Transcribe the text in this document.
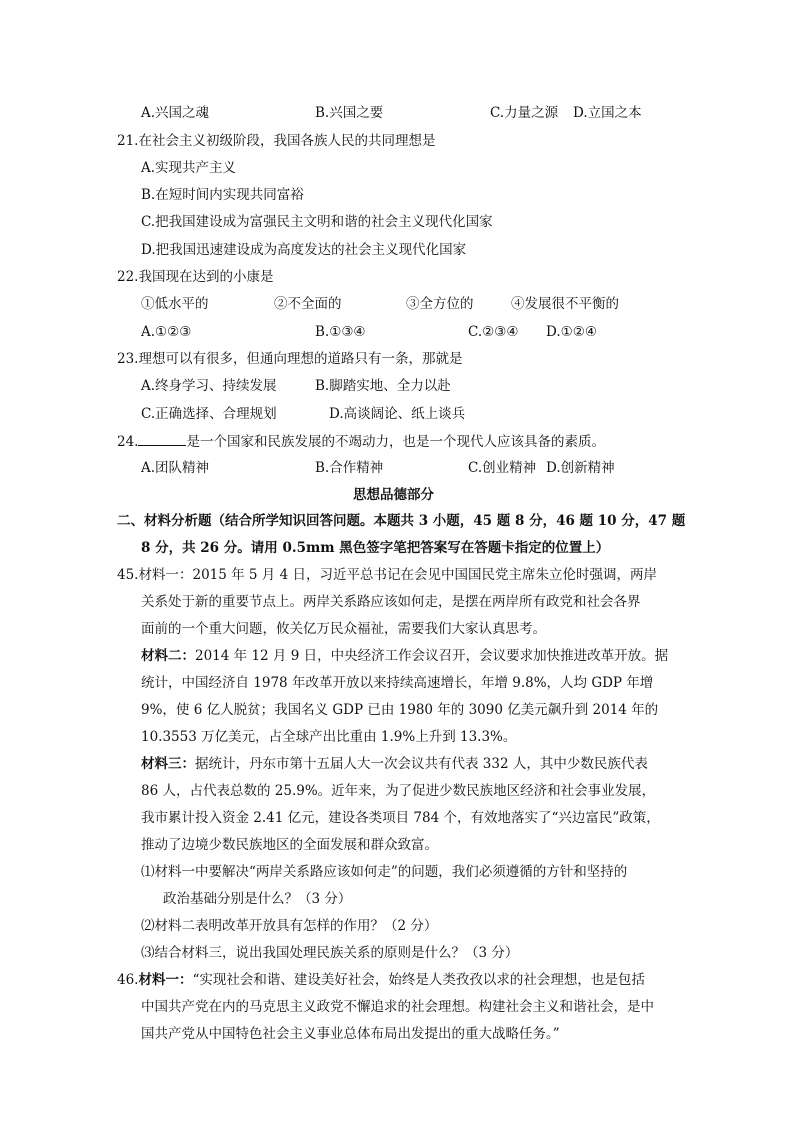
A.兴国之魂	B.兴国之要	C.力量之源 D.立国之本
21.在社会主义初级阶段，我国各族人民的共同理想是
A.实现共产主义
B.在短时间内实现共同富裕
C.把我国建设成为富强民主文明和谐的社会主义现代化国家
D.把我国迅速建设成为高度发达的社会主义现代化国家
22.我国现在达到的小康是
①低水平的	②不全面的	③全方位的	④发展很不平衡的
A.①②③	B.①③④	C.②③④ D.①②④
23.理想可以有很多，但通向理想的道路只有一条，那就是
A.终身学习、持续发展	B.脚踏实地、全力以赴
C.正确选择、合理规划	D.高谈阔论、纸上谈兵
24.	是一个国家和民族发展的不竭动力，也是一个现代人应该具备的素质。
A.团队精神	B.合作精神	C.创业精神 D.创新精神
思想品德部分
二、材料分析题（结合所学知识回答问题。本题共 3 小题，45 题 8 分，46 题 10 分，47 题
8 分，共 26 分。请用 0.5mm 黑色签字笔把答案写在答题卡指定的位置上）
45.材料一：2015 年 5 月 4 日，习近平总书记在会见中国国民党主席朱立伦时强调，两岸
关系处于新的重要节点上。两岸关系路应该如何走，是摆在两岸所有政党和社会各界
面前的一个重大问题，攸关亿万民众福祉，需要我们大家认真思考。
材料二：2014 年 12 月 9 日，中央经济工作会议召开，会议要求加快推进改革开放。据
统计，中国经济自 1978 年改革开放以来持续高速增长，年增 9.8%，人均 GDP 年增
9%，使 6 亿人脱贫；我国名义 GDP 已由 1980 年的 3090 亿美元飙升到 2014 年的
10.3553 万亿美元，占全球产出比重由 1.9%上升到 13.3%。
材料三：据统计，丹东市第十五届人大一次会议共有代表 332 人，其中少数民族代表
86 人，占代表总数的 25.9%。近年来，为了促进少数民族地区经济和社会事业发展，
我市累计投入资金 2.41 亿元，建设各类项目 784 个，有效地落实了“兴边富民”政策，
推动了边境少数民族地区的全面发展和群众致富。
⑴材料一中要解决“两岸关系路应该如何走”的问题，我们必须遵循的方针和坚持的
政治基础分别是什么？（3 分）
⑵材料二表明改革开放具有怎样的作用？（2 分）
⑶结合材料三，说出我国处理民族关系的原则是什么？（3 分）
46.材料一：“实现社会和谐、建设美好社会，始终是人类孜孜以求的社会理想，也是包括
中国共产党在内的马克思主义政党不懈追求的社会理想。构建社会主义和谐社会，是中
国共产党从中国特色社会主义事业总体布局出发提出的重大战略任务。”
